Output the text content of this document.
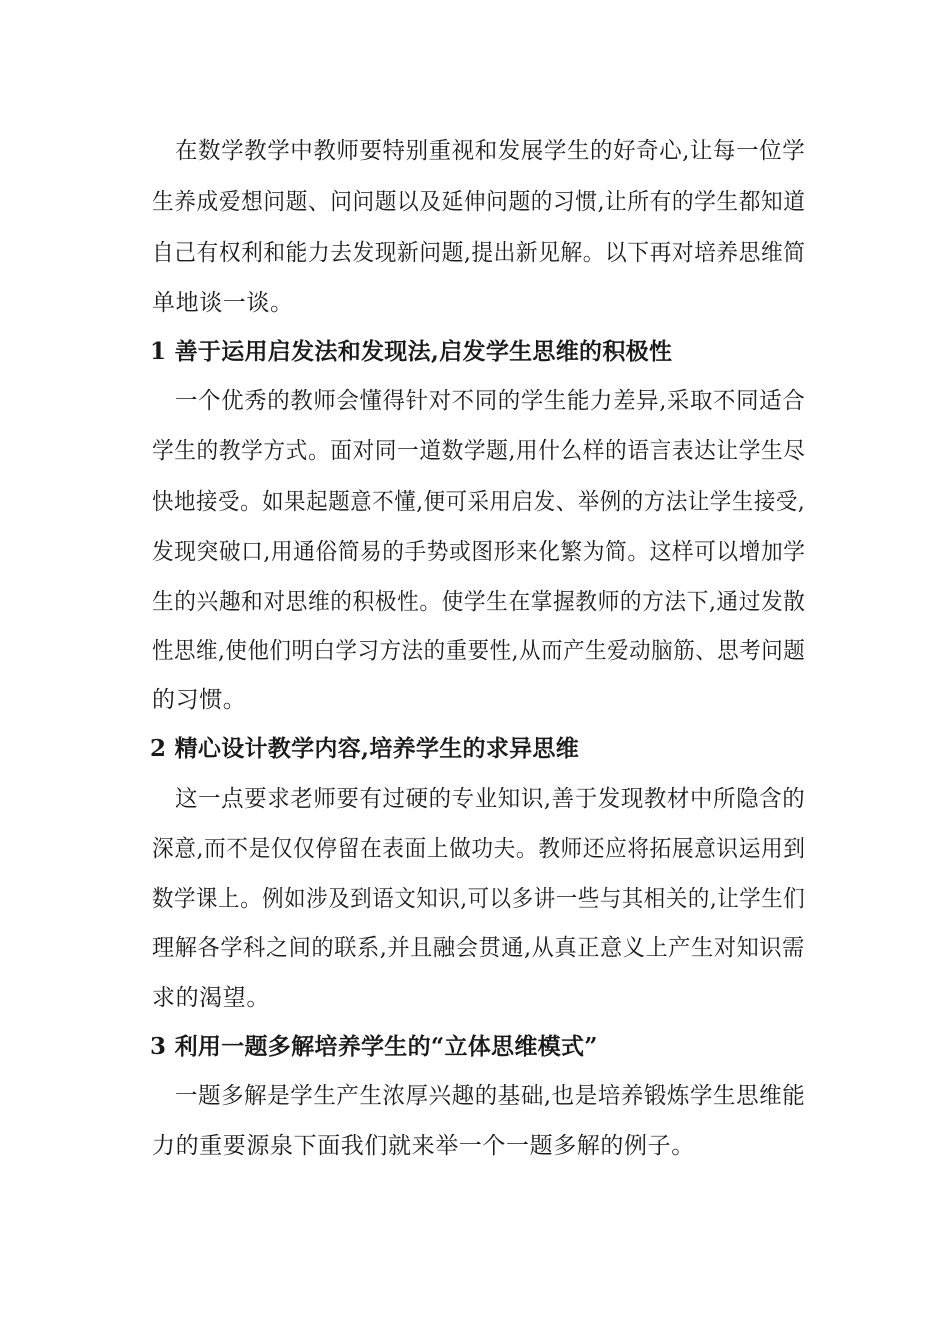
在数学教学中教师要特别重视和发展学生的好奇心,让每一位学
生养成爱想问题、问问题以及延伸问题的习惯,让所有的学生都知道
自己有权利和能力去发现新问题,提出新见解。以下再对培养思维简
单地谈一谈。
1 善于运用启发法和发现法,启发学生思维的积极性
一个优秀的教师会懂得针对不同的学生能力差异,采取不同适合
学生的教学方式。面对同一道数学题,用什么样的语言表达让学生尽
快地接受。如果起题意不懂,便可采用启发、举例的方法让学生接受,
发现突破口,用通俗简易的手势或图形来化繁为简。这样可以增加学
生的兴趣和对思维的积极性。使学生在掌握教师的方法下,通过发散
性思维,使他们明白学习方法的重要性,从而产生爱动脑筋、思考问题
的习惯。
2 精心设计教学内容,培养学生的求异思维
这一点要求老师要有过硬的专业知识,善于发现教材中所隐含的
深意,而不是仅仅停留在表面上做功夫。教师还应将拓展意识运用到
数学课上。例如涉及到语文知识,可以多讲一些与其相关的,让学生们
理解各学科之间的联系,并且融会贯通,从真正意义上产生对知识需
求的渴望。
3 利用一题多解培养学生的“立体思维模式”
一题多解是学生产生浓厚兴趣的基础,也是培养锻炼学生思维能
力的重要源泉下面我们就来举一个一题多解的例子。
